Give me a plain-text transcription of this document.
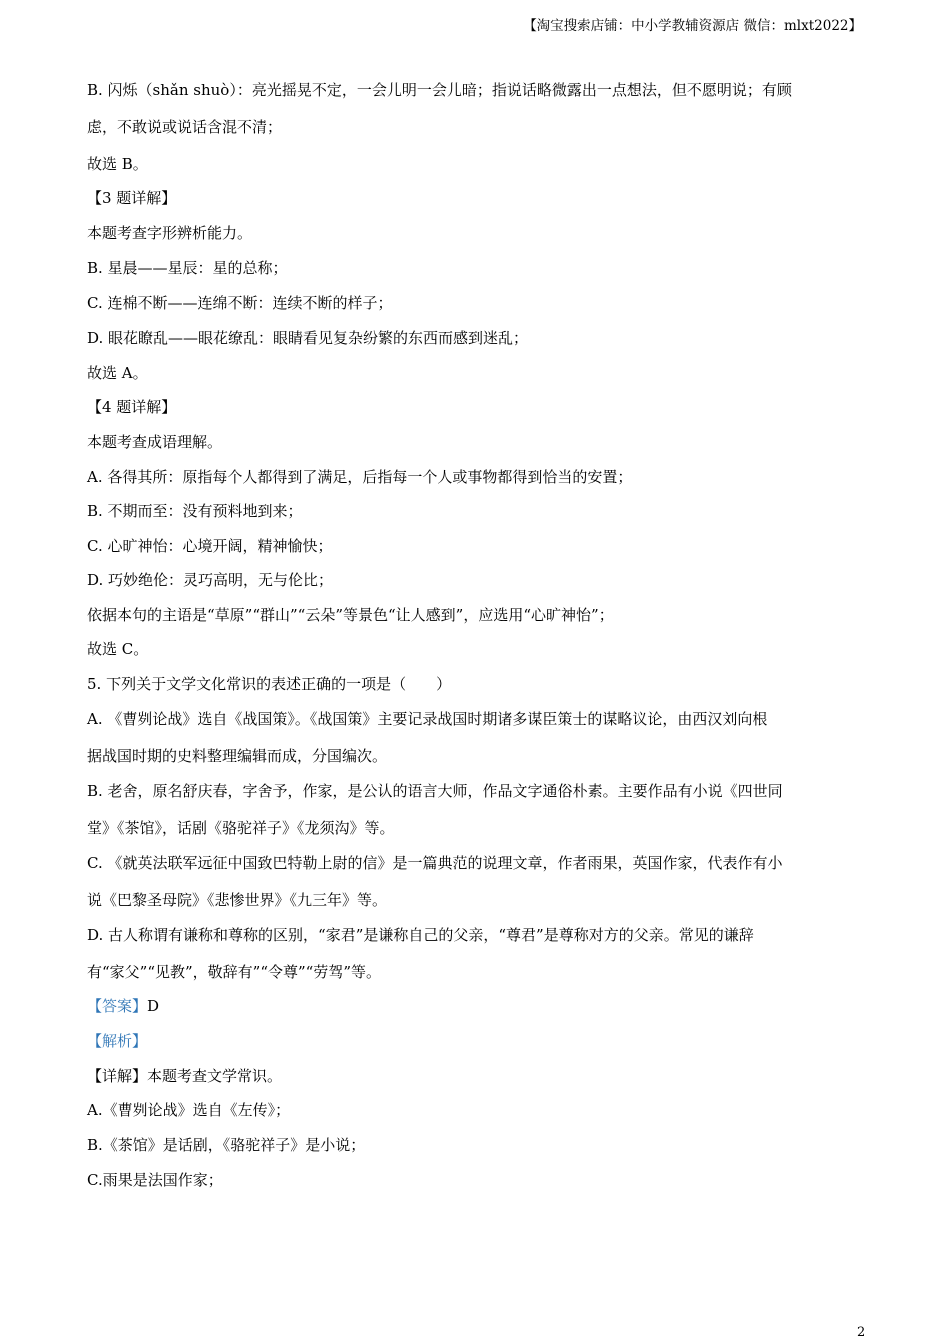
【淘宝搜索店铺：中小学教辅资源店 微信：mlxt2022】

B. 闪烁（shǎn shuò）：亮光摇晃不定，一会儿明一会儿暗；指说话略微露出一点想法，但不愿明说；有顾

虑，不敢说或说话含混不清；

故选 B。

【3 题详解】

本题考查字形辨析能力。

B. 星晨——星辰：星的总称；

C. 连棉不断——连绵不断：连续不断的样子；

D. 眼花瞭乱——眼花缭乱：眼睛看见复杂纷繁的东西而感到迷乱；

故选 A。

【4 题详解】

本题考查成语理解。

A. 各得其所：原指每个人都得到了满足，后指每一个人或事物都得到恰当的安置；

B. 不期而至：没有预料地到来；

C. 心旷神怡：心境开阔，精神愉快；

D. 巧妙绝伦：灵巧高明，无与伦比；

依据本句的主语是“草原”“群山”“云朵”等景色“让人感到”，应选用“心旷神怡”；

故选 C。

5. 下列关于文学文化常识的表述正确的一项是（　　）

A. 《曹刿论战》选自《战国策》。《战国策》主要记录战国时期诸多谋臣策士的谋略议论，由西汉刘向根

据战国时期的史料整理编辑而成，分国编次。

B. 老舍，原名舒庆春，字舍予，作家，是公认的语言大师，作品文字通俗朴素。主要作品有小说《四世同

堂》《茶馆》，话剧《骆驼祥子》《龙须沟》等。

C. 《就英法联军远征中国致巴特勒上尉的信》是一篇典范的说理文章，作者雨果，英国作家，代表作有小

说《巴黎圣母院》《悲惨世界》《九三年》等。

D. 古人称谓有谦称和尊称的区别，“家君”是谦称自己的父亲，“尊君”是尊称对方的父亲。常见的谦辞

有“家父”“见教”，敬辞有”“令尊”“劳驾”等。

【答案】D

【解析】

【详解】本题考查文学常识。

A.《曹刿论战》选自《左传》；

B.《茶馆》是话剧，《骆驼祥子》是小说；

C.雨果是法国作家；

2
